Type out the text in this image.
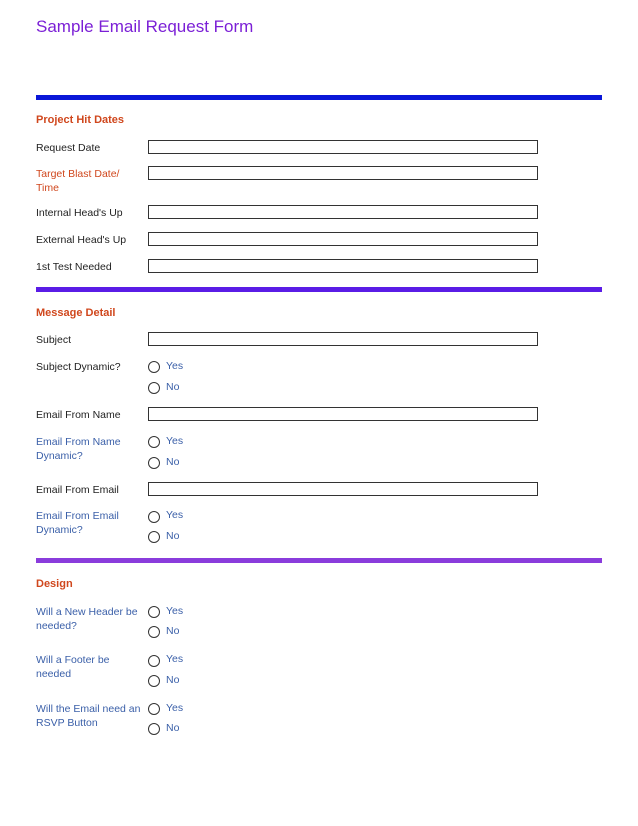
Sample Email Request Form
Project Hit Dates
Request Date
Target Blast Date/ Time
Internal Head's Up
External Head's Up
1st Test Needed
Message Detail
Subject
Subject Dynamic?	Yes
No
Email From Name
Email From Name Dynamic?
Yes
No
Email From Email
Email From Email Dynamic?
Yes
No
Design
Will a New Header be needed?
Yes
No
Will a Footer be needed
Yes
No
Will the Email need an RSVP Button
Yes
No
